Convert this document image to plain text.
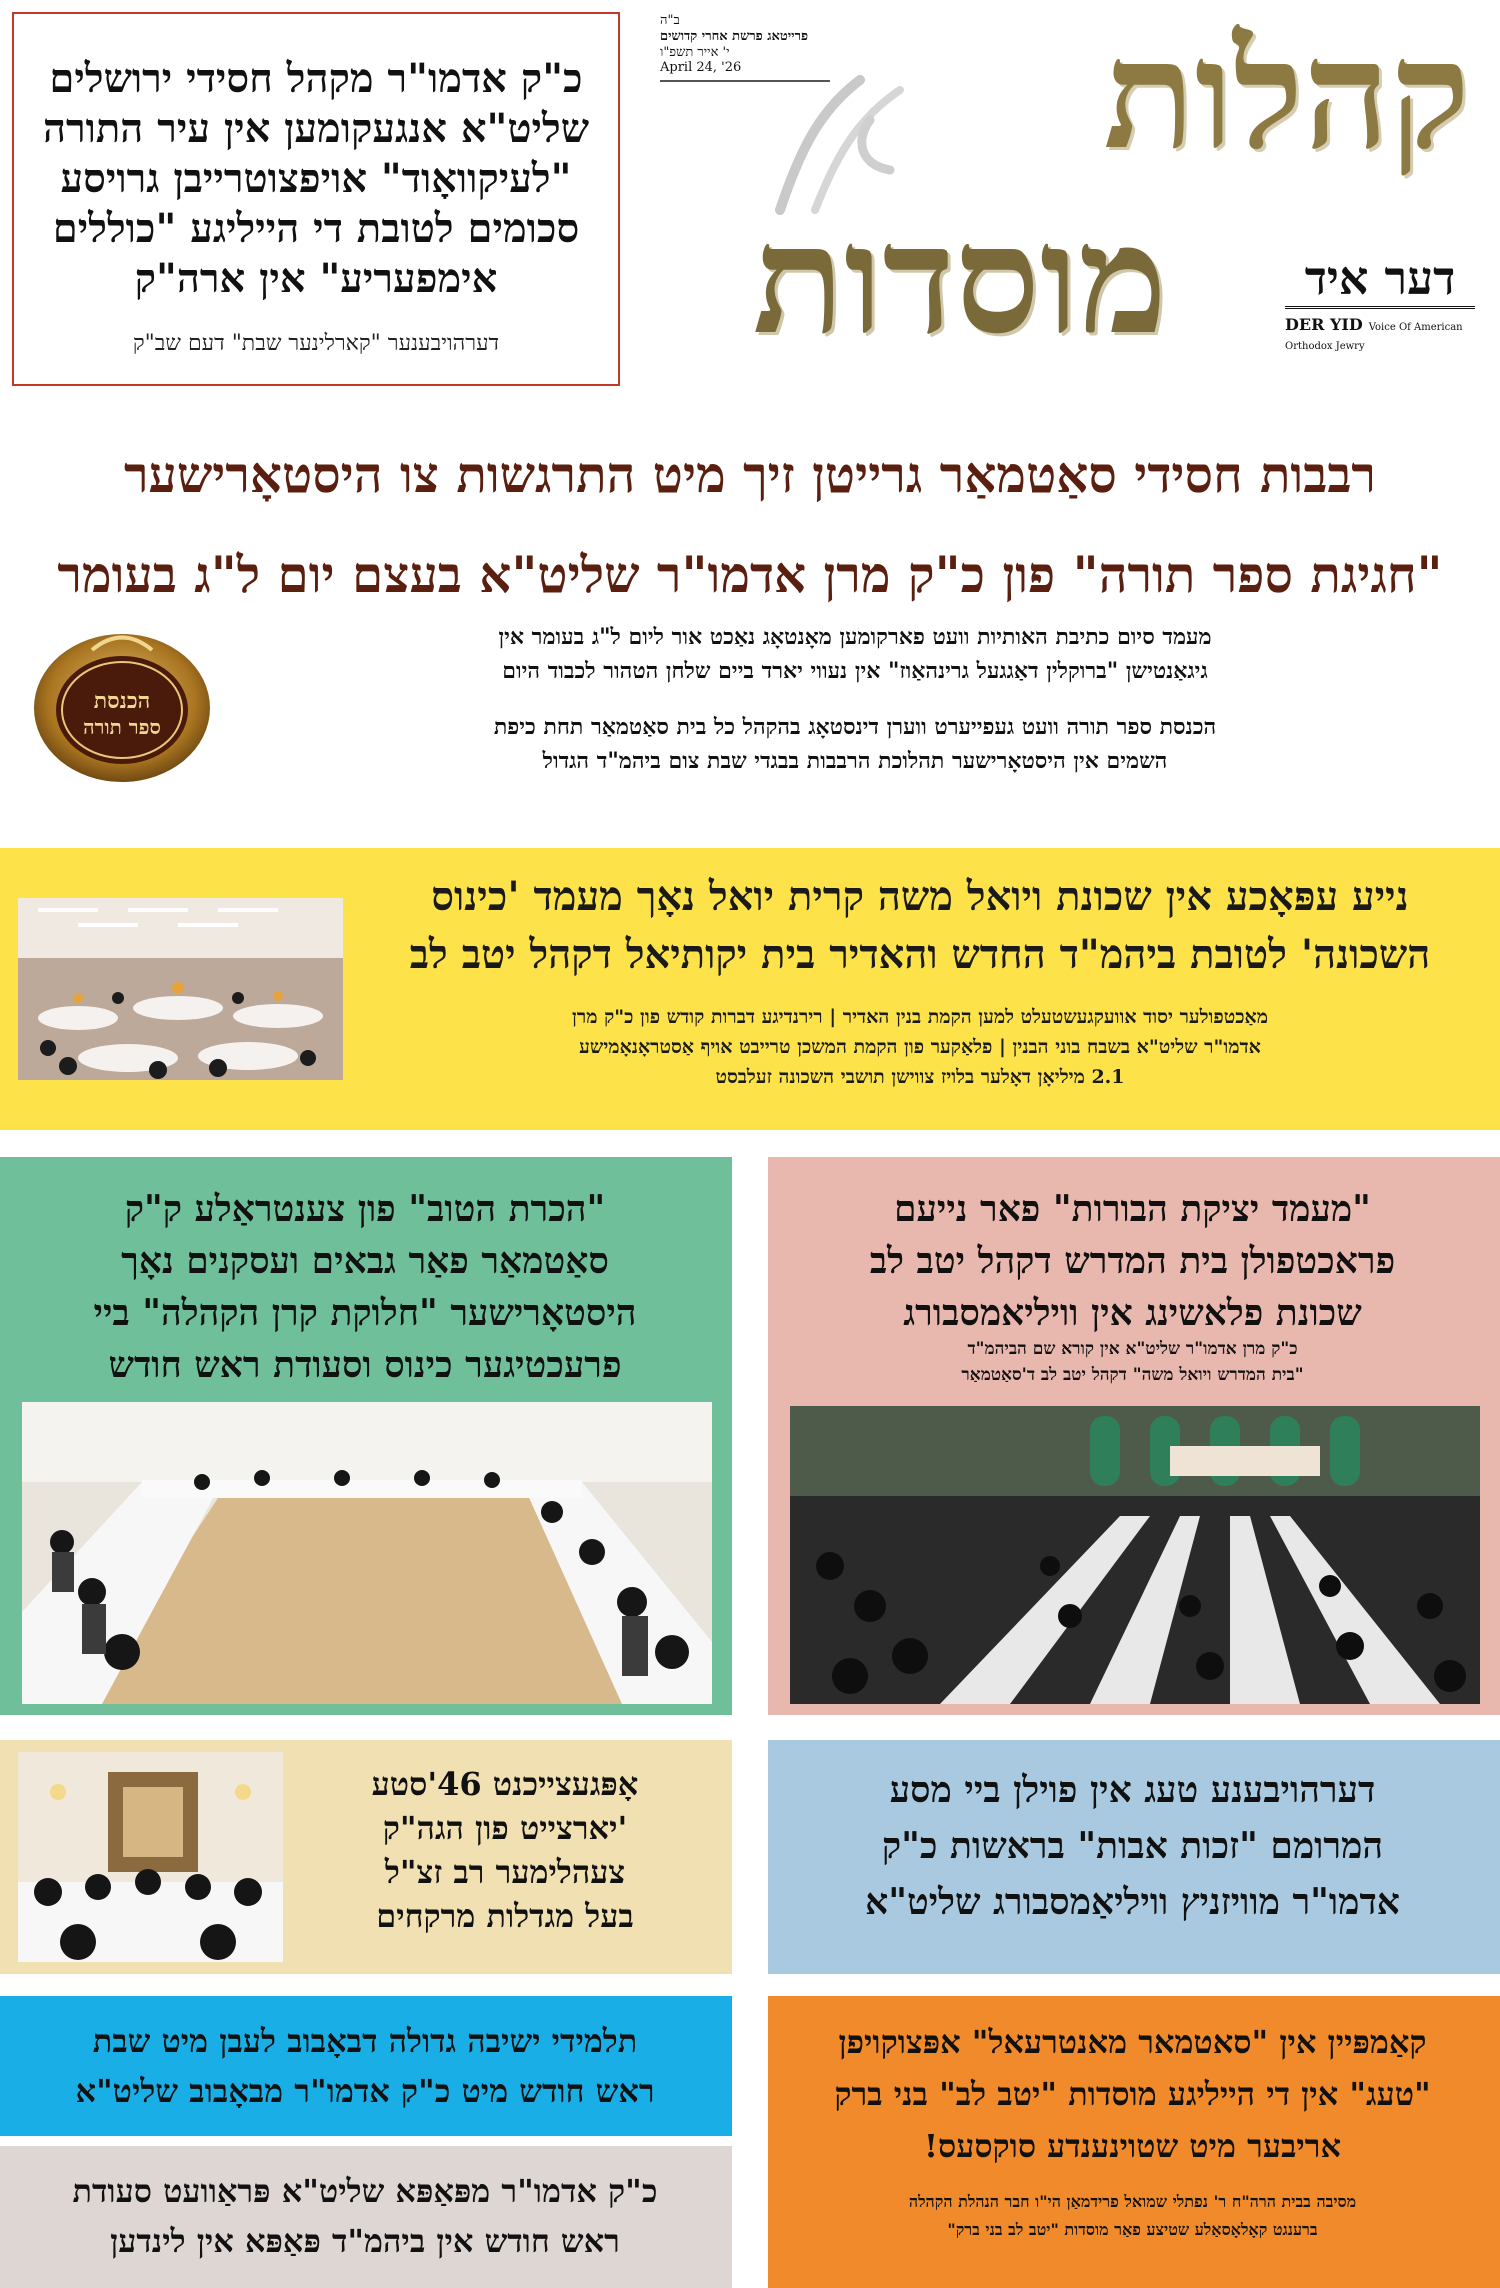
כ"ק אדמו"ר מקהל חסידי ירושלים
שליט"א אנגעקומען אין עיר התורה
"לעיקוואָוד" אויפצוטרייבן גרויסע
סכומים לטובת די הייליגע "כוללים
אימפעריע" אין ארה"ק
דערהויבענער "קארלינער שבת" דעם שב"ק
ב"ה
פרייטאג פרשת אחרי קדושים
י' אייר תשפ"ו
April 24, '26	קהלות
מוסדות	דער איד
DER YID Voice Of American Orthodox Jewry
רבבות חסידי סאַטמאַר גרייטן זיך מיט התרגשות צו היסטאָרישער
"חגיגת ספר תורה" פון כ"ק מרן אדמו"ר שליט"א בעצם יום ל"ג בעומר
הכנסת
ספר תורה
מעמד סיום כתיבת האותיות וועט פארקומען מאָנטאָג נאַכט אור ליום ל"ג בעומר אין
גיגאַנטישן "ברוקלין דאַגגעל גרינהאַוז" אין נעווי יארד ביים שלחן הטהור לכבוד היום
הכנסת ספר תורה וועט געפייערט ווערן דינסטאָג בהקהל כל בית סאַטמאַר תחת כיפת
השמים אין היסטאָרישער תהלוכת הרבבות בבגדי שבת צום ביהמ"ד הגדול
נייע עפּאָכע אין שכונת ויואל משה קרית יואל נאָך מעמד 'כינוס
השכונה' לטובת ביהמ"ד החדש והאדיר בית יקותיאל דקהל יטב לב
מאַכטפולער יסוד אוועקגעשטעלט למען הקמת בנין האדיר | רירנדיגע דברות קודש פון כ"ק מרן
אדמו"ר שליט"א בשבח בוני הבנין | פלאַקער פון הקמת המשכן טרייבט אויף אַסטראָנאָמישע
2.1 מיליאָן דאָלער בלויז צווישן תושבי השכונה זעלבסט
"הכרת הטוב" פון צענטראַלע ק"ק
סאַטמאַר פאַר גבאים ועסקנים נאָך
היסטאָרישער "חלוקת קרן הקהלה" ביי
פרעכטיגער כינוס וסעודת ראש חודש
"מעמד יציקת הבורות" פאר נייעם
פראכטפולן בית המדרש דקהל יטב לב
שכונת פלאשינג אין וויליאמסבורג
כ"ק מרן אדמו"ר שליט"א אין קורא שם הביהמ"ד
"בית המדרש ויואל משה" דקהל יטב לב ד'סאַטמאַר
אָפּגעצייכנט 46'סטע
'יארצייט פון הגה"ק
צעהלימער רב זצ"ל
בעל מגדלות מרקחים
דערהויבענע טעג אין פוילן ביי מסע
המרומם "זכות אבות" בראשות כ"ק
אדמו"ר מוויזניץ וויליאַמסבורג שליט"א
תלמידי ישיבה גדולה דבאָבוב לעבן מיט שבת
ראש חודש מיט כ"ק אדמו"ר מבאָבוב שליט"א
כ"ק אדמו"ר מפּאַפּא שליט"א פּראַוועט סעודת
ראש חודש אין ביהמ"ד פּאַפּא אין לינדען
קאַמפּיין אין "סאטמאר מאנטרעאל" אפּצוקויפן
"טעג" אין די הייליגע מוסדות "יטב לב" בני ברק
אריבער מיט שטוינענדע סוקסעס!
מסיבה בבית הרה"ח ר' נפתלי שמואל פרידמאַן הי"ו חבר הנהלת הקהלה
ברענגט קאָלאָסאַלע שטיצע פאַר מוסדות "יטב לב בני ברק"
